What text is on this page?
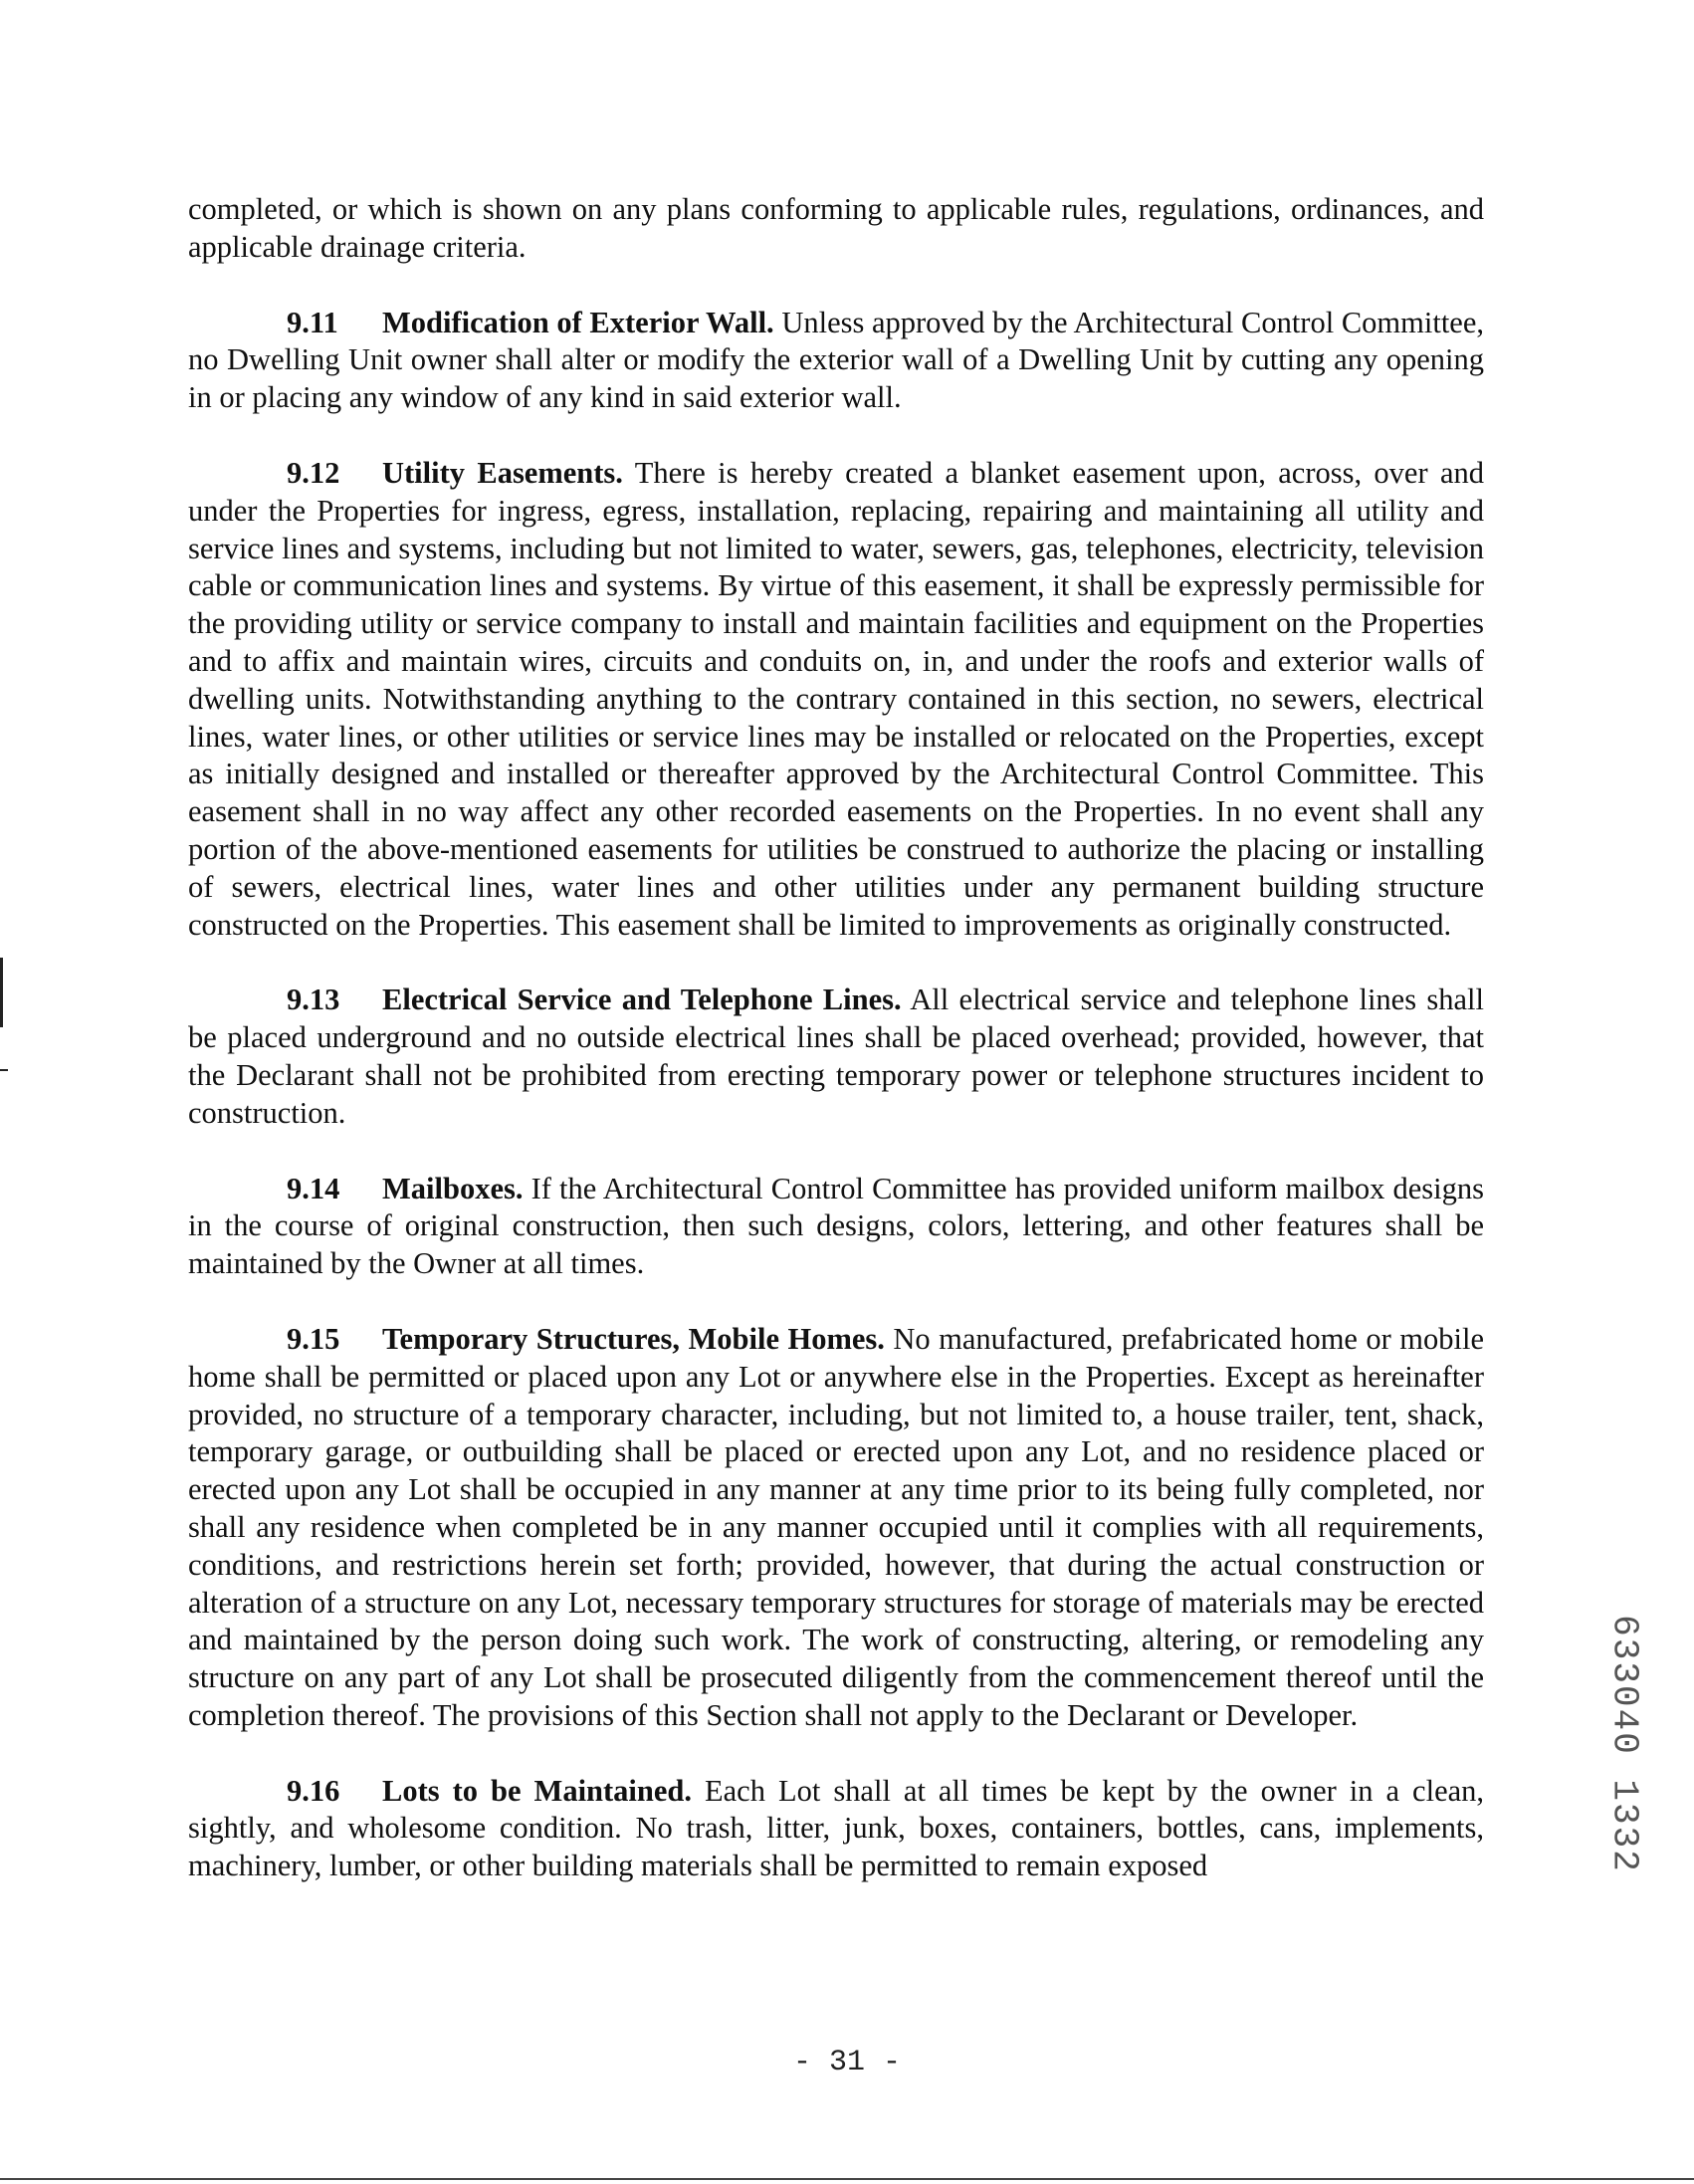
completed, or which is shown on any plans conforming to applicable rules, regulations, ordinances, and applicable drainage criteria.

9.11 Modification of Exterior Wall. Unless approved by the Architectural Control Committee, no Dwelling Unit owner shall alter or modify the exterior wall of a Dwelling Unit by cutting any opening in or placing any window of any kind in said exterior wall.

9.12 Utility Easements. There is hereby created a blanket easement upon, across, over and under the Properties for ingress, egress, installation, replacing, repairing and maintaining all utility and service lines and systems, including but not limited to water, sewers, gas, telephones, electricity, television cable or communication lines and systems. By virtue of this easement, it shall be expressly permissible for the providing utility or service company to install and maintain facilities and equipment on the Properties and to affix and maintain wires, circuits and conduits on, in, and under the roofs and exterior walls of dwelling units. Notwithstanding anything to the contrary contained in this section, no sewers, electrical lines, water lines, or other utilities or service lines may be installed or relocated on the Properties, except as initially designed and installed or thereafter approved by the Architectural Control Committee. This easement shall in no way affect any other recorded easements on the Properties. In no event shall any portion of the above-mentioned easements for utilities be construed to authorize the placing or installing of sewers, electrical lines, water lines and other utilities under any permanent building structure constructed on the Properties. This easement shall be limited to improvements as originally constructed.

9.13 Electrical Service and Telephone Lines. All electrical service and telephone lines shall be placed underground and no outside electrical lines shall be placed overhead; provided, however, that the Declarant shall not be prohibited from erecting temporary power or telephone structures incident to construction.

9.14 Mailboxes. If the Architectural Control Committee has provided uniform mailbox designs in the course of original construction, then such designs, colors, lettering, and other features shall be maintained by the Owner at all times.

9.15 Temporary Structures, Mobile Homes. No manufactured, prefabricated home or mobile home shall be permitted or placed upon any Lot or anywhere else in the Properties. Except as hereinafter provided, no structure of a temporary character, including, but not limited to, a house trailer, tent, shack, temporary garage, or outbuilding shall be placed or erected upon any Lot, and no residence placed or erected upon any Lot shall be occupied in any manner at any time prior to its being fully completed, nor shall any residence when completed be in any manner occupied until it complies with all requirements, conditions, and restrictions herein set forth; provided, however, that during the actual construction or alteration of a structure on any Lot, necessary temporary structures for storage of materials may be erected and maintained by the person doing such work. The work of constructing, altering, or remodeling any structure on any part of any Lot shall be prosecuted diligently from the commencement thereof until the completion thereof. The provisions of this Section shall not apply to the Declarant or Developer.

9.16 Lots to be Maintained. Each Lot shall at all times be kept by the owner in a clean, sightly, and wholesome condition. No trash, litter, junk, boxes, containers, bottles, cans, implements, machinery, lumber, or other building materials shall be permitted to remain exposed	633040 1332
- 31 -
